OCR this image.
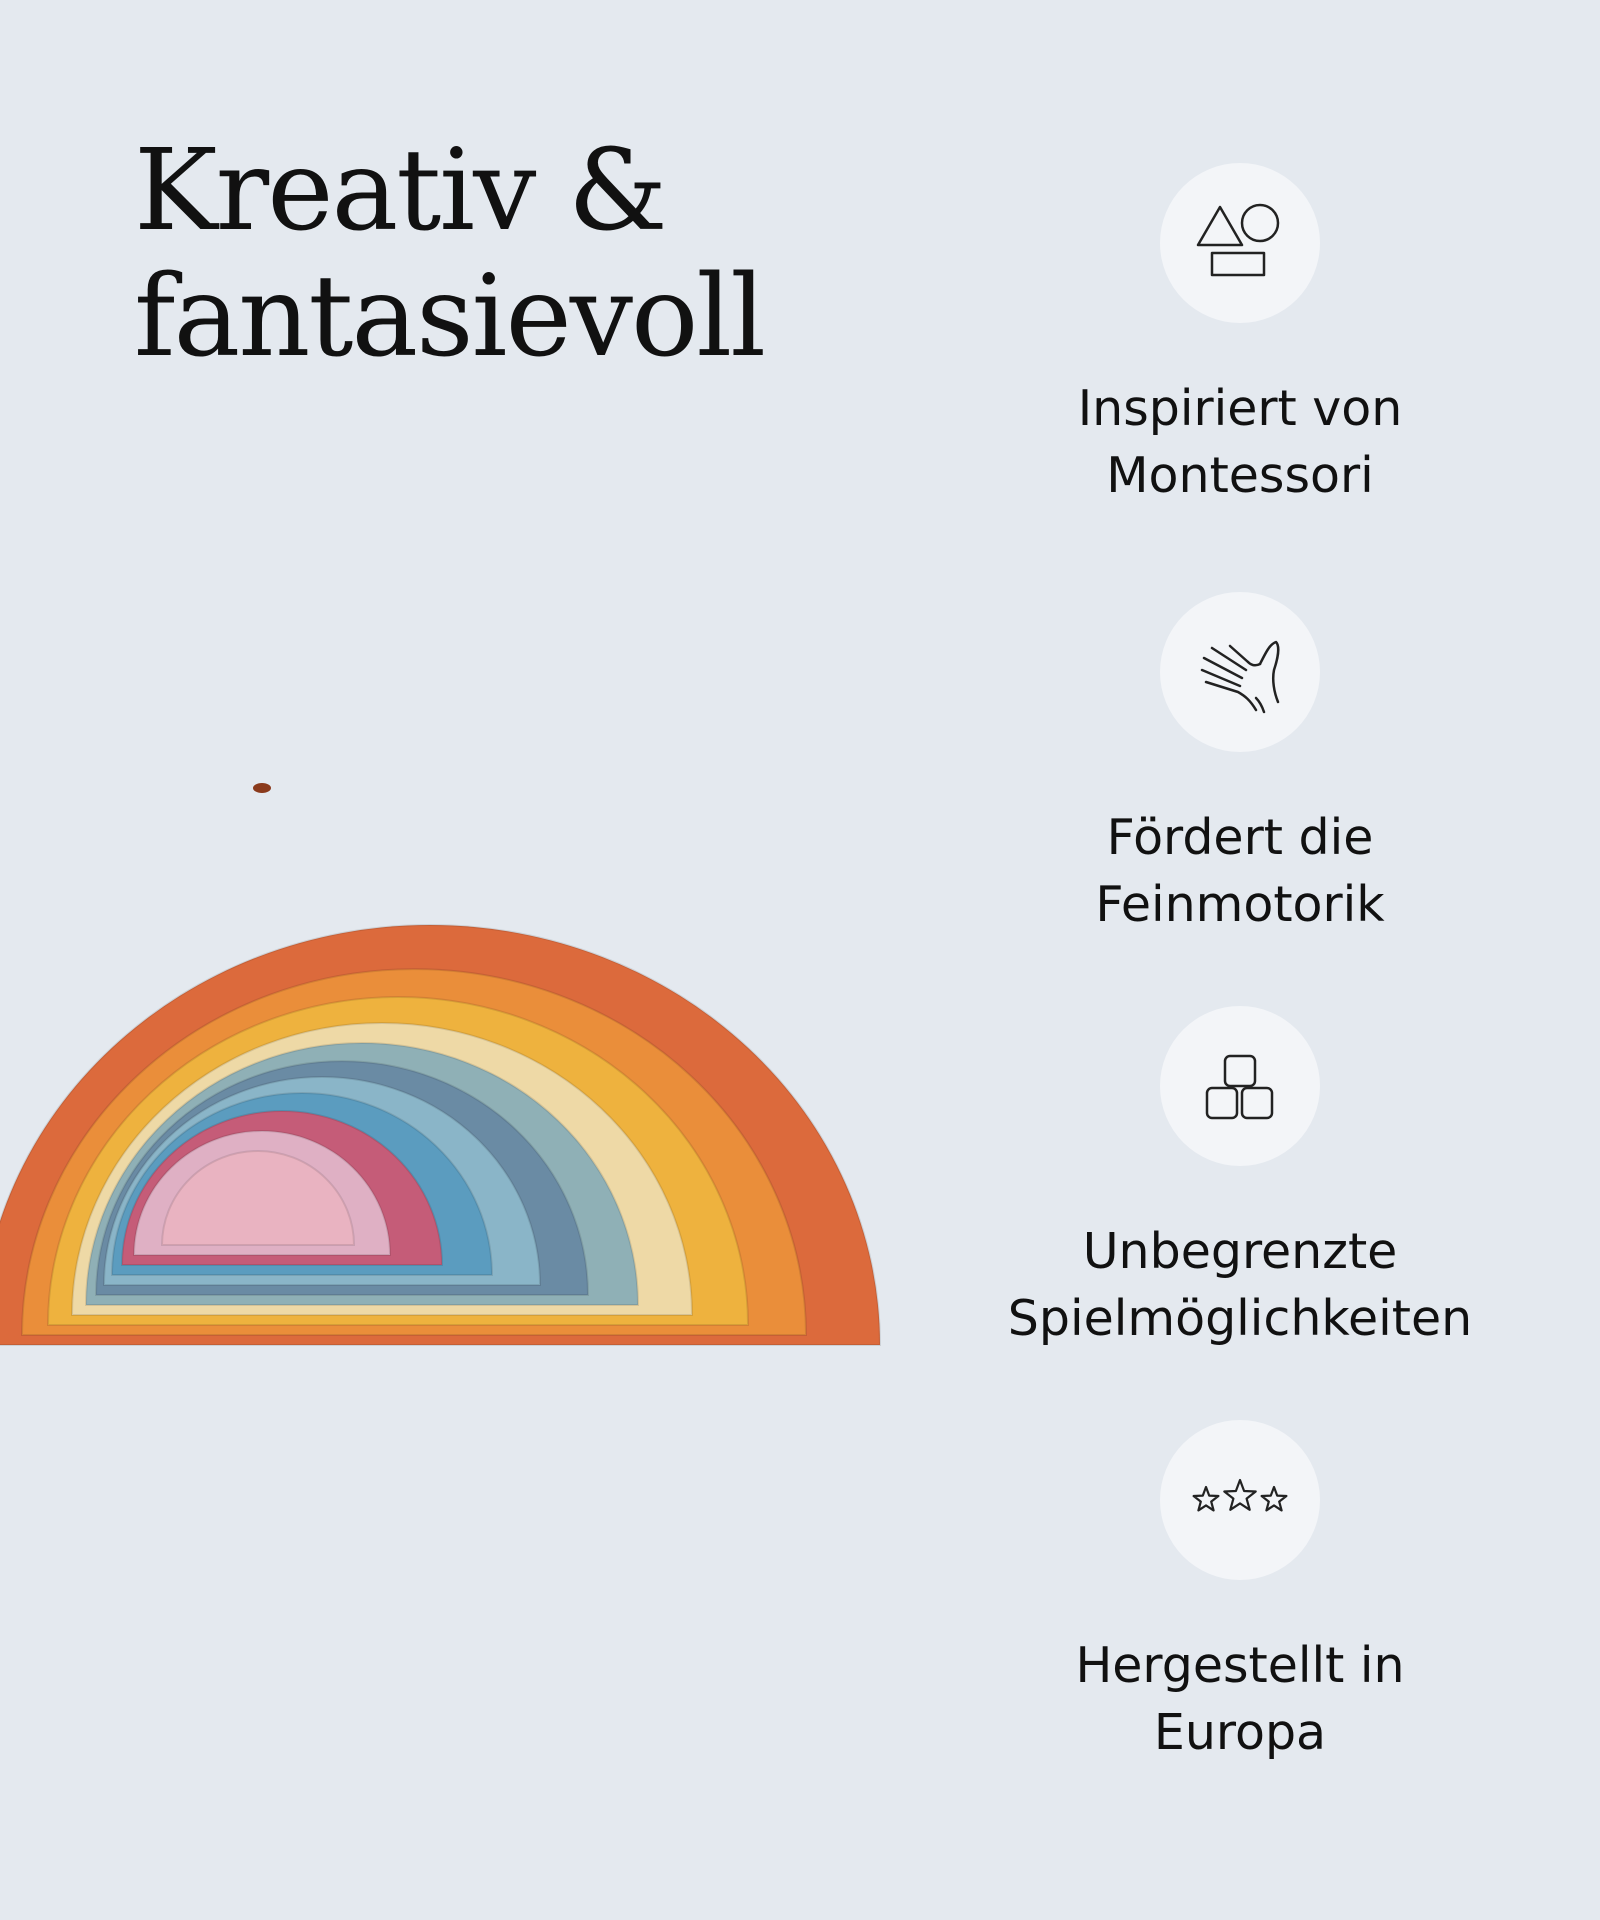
Kreativ &
fantasievoll
Inspiriert von
Montessori
Fördert die
Feinmotorik
Unbegrenzte
Spielmöglichkeiten
Hergestellt in
Europa
